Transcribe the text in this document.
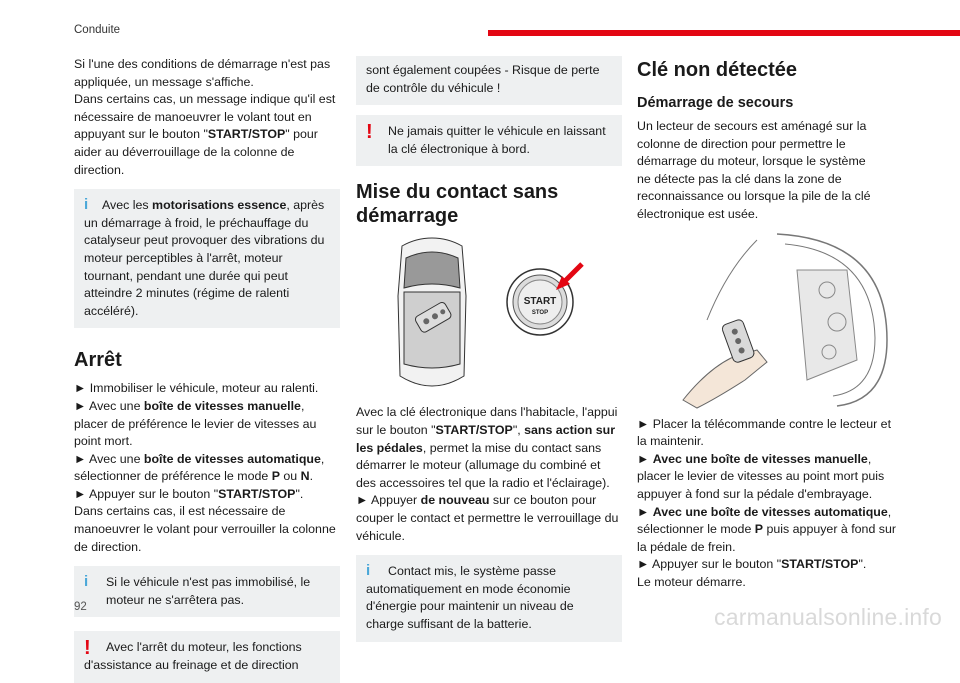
Conduite

Si l'une des conditions de démarrage n'est pas appliquée, un message s'affiche.
Dans certains cas, un message indique qu'il est nécessaire de manoeuvrer le volant tout en appuyant sur le bouton "START/STOP" pour aider au déverrouillage de la colonne de direction.

i	Avec les motorisations essence, après un démarrage à froid, le préchauffage du catalyseur peut provoquer des vibrations du moteur perceptibles à l'arrêt, moteur tournant, pendant une durée qui peut atteindre 2 minutes (régime de ralenti accéléré).

Arrêt

► Immobiliser le véhicule, moteur au ralenti.
► Avec une boîte de vitesses manuelle, placer de préférence le levier de vitesses au point mort.
► Avec une boîte de vitesses automatique, sélectionner de préférence le mode P ou N.
► Appuyer sur le bouton "START/STOP".
Dans certains cas, il est nécessaire de manoeuvrer le volant pour verrouiller la colonne de direction.

i	Si le véhicule n'est pas immobilisé, le moteur ne s'arrêtera pas.

!	Avec l'arrêt du moteur, les fonctions d'assistance au freinage et de direction

sont également coupées - Risque de perte de contrôle du véhicule !

!	Ne jamais quitter le véhicule en laissant la clé électronique à bord.

Mise du contact sans démarrage
START
STOP

Avec la clé électronique dans l'habitacle, l'appui sur le bouton "START/STOP", sans action sur les pédales, permet la mise du contact sans démarrer le moteur (allumage du combiné et des accessoires tel que la radio et l'éclairage).
► Appuyer de nouveau sur ce bouton pour couper le contact et permettre le verrouillage du véhicule.

i	Contact mis, le système passe automatiquement en mode économie d'énergie pour maintenir un niveau de charge suffisant de la batterie.

Clé non détectée
Démarrage de secours

Un lecteur de secours est aménagé sur la colonne de direction pour permettre le démarrage du moteur, lorsque le système ne détecte pas la clé dans la zone de reconnaissance ou lorsque la pile de la clé électronique est usée.

► Placer la télécommande contre le lecteur et la maintenir.
► Avec une boîte de vitesses manuelle, placer le levier de vitesses au point mort puis appuyer à fond sur la pédale d'embrayage.
► Avec une boîte de vitesses automatique, sélectionner le mode P puis appuyer à fond sur la pédale de frein.
► Appuyer sur le bouton "START/STOP".
Le moteur démarre.

92	carmanualsonline.info
